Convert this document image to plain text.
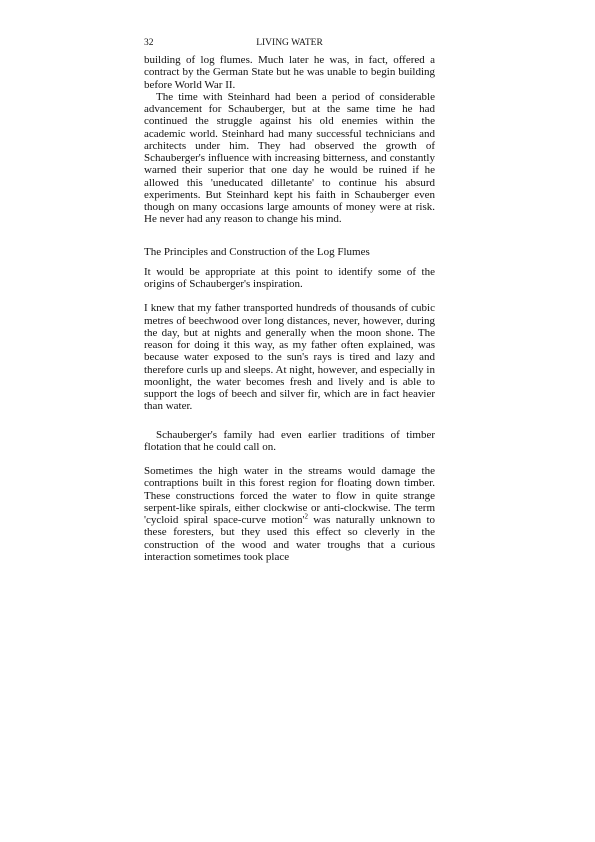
32	LIVING WATER

building of log flumes. Much later he was, in fact, offered a contract by the German State but he was unable to begin building before World War II.

The time with Steinhard had been a period of considerable advancement for Schauberger, but at the same time he had continued the struggle against his old enemies within the academic world. Steinhard had many successful technicians and architects under him. They had observed the growth of Schauberger's influence with increasing bitterness, and constantly warned their superior that one day he would be ruined if he allowed this 'uneducated dilletante' to continue his absurd experiments. But Steinhard kept his faith in Schauberger even though on many occasions large amounts of money were at risk. He never had any reason to change his mind.

The Principles and Construction of the Log Flumes

It would be appropriate at this point to identify some of the origins of Schauberger's inspiration.

I knew that my father transported hundreds of thousands of cubic metres of beechwood over long distances, never, however, during the day, but at nights and generally when the moon shone. The reason for doing it this way, as my father often explained, was because water exposed to the sun's rays is tired and lazy and therefore curls up and sleeps. At night, however, and especially in moonlight, the water becomes fresh and lively and is able to support the logs of beech and silver fir, which are in fact heavier than water.

Schauberger's family had even earlier traditions of timber flotation that he could call on.

Sometimes the high water in the streams would damage the contraptions built in this forest region for floating down timber. These constructions forced the water to flow in quite strange serpent-like spirals, either clockwise or anti-clockwise. The term 'cycloid spiral space-curve $motion'^2$ was naturally unknown to these foresters, but they used this effect so cleverly in the construction of the wood and water troughs that a curious interaction sometimes took place
